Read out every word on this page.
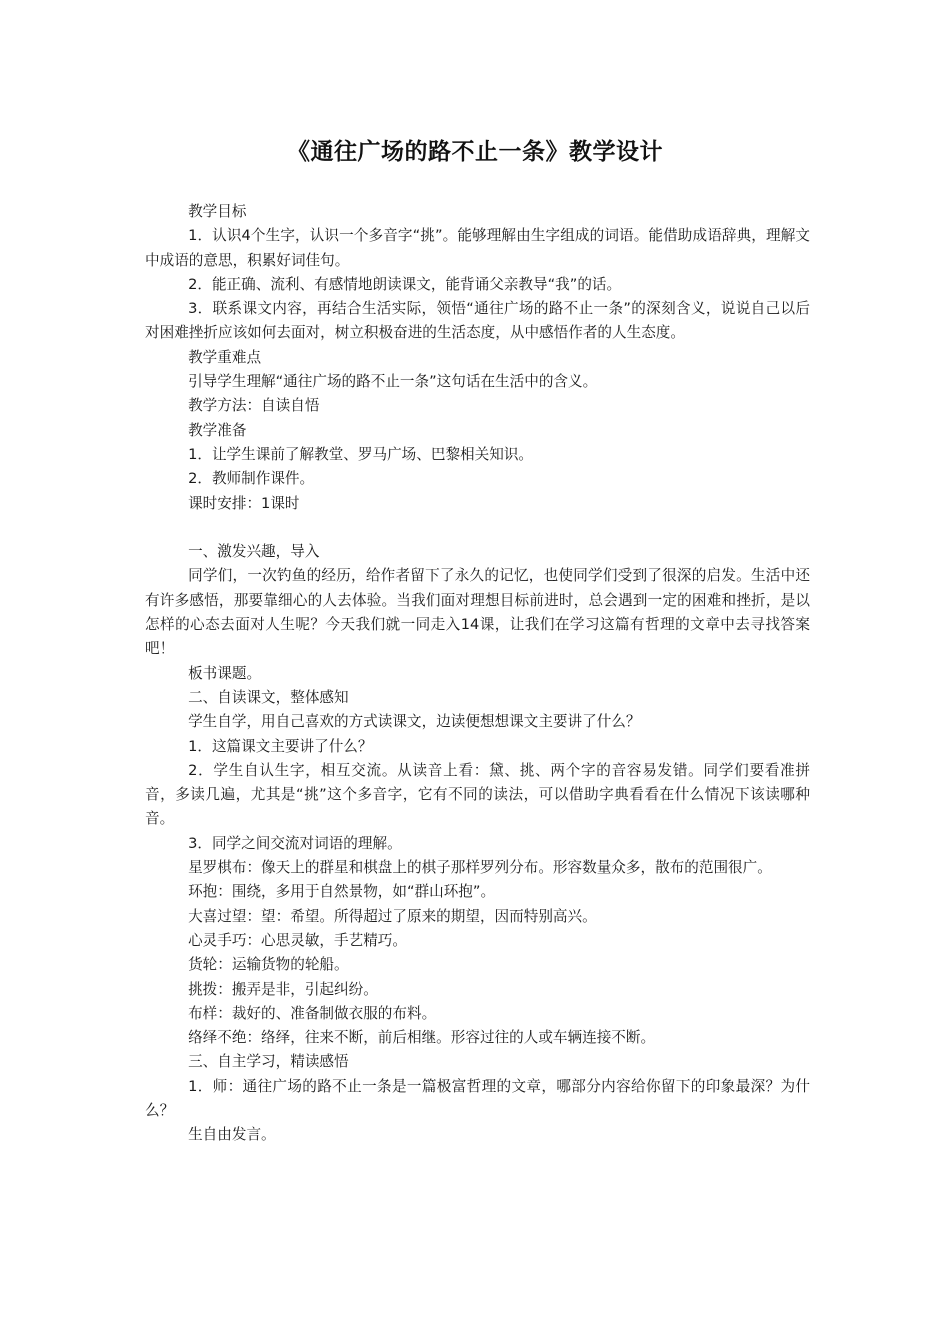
《通往广场的路不止一条》教学设计

教学目标

1．认识4个生字，认识一个多音字“挑”。能够理解由生字组成的词语。能借助成语辞典，理解文中成语的意思，积累好词佳句。

2．能正确、流利、有感情地朗读课文，能背诵父亲教导“我”的话。

3．联系课文内容，再结合生活实际，领悟“通往广场的路不止一条”的深刻含义，说说自己以后对困难挫折应该如何去面对，树立积极奋进的生活态度，从中感悟作者的人生态度。

教学重难点

引导学生理解“通往广场的路不止一条”这句话在生活中的含义。

教学方法：自读自悟

教学准备

1．让学生课前了解教堂、罗马广场、巴黎相关知识。

2．教师制作课件。

课时安排：1课时

一、激发兴趣，导入

同学们，一次钓鱼的经历，给作者留下了永久的记忆，也使同学们受到了很深的启发。生活中还有许多感悟，那要靠细心的人去体验。当我们面对理想目标前进时，总会遇到一定的困难和挫折，是以怎样的心态去面对人生呢？今天我们就一同走入14课，让我们在学习这篇有哲理的文章中去寻找答案吧！

板书课题。

二、自读课文，整体感知

学生自学，用自己喜欢的方式读课文，边读便想想课文主要讲了什么？

1．这篇课文主要讲了什么？

2．学生自认生字，相互交流。从读音上看：黛、挑、两个字的音容易发错。同学们要看准拼音，多读几遍，尤其是“挑”这个多音字，它有不同的读法，可以借助字典看看在什么情况下该读哪种音。

3．同学之间交流对词语的理解。

星罗棋布：像天上的群星和棋盘上的棋子那样罗列分布。形容数量众多，散布的范围很广。

环抱：围绕，多用于自然景物，如“群山环抱”。

大喜过望：望：希望。所得超过了原来的期望，因而特别高兴。

心灵手巧：心思灵敏，手艺精巧。

货轮：运输货物的轮船。

挑拨：搬弄是非，引起纠纷。

布样：裁好的、准备制做衣服的布料。

络绎不绝：络绎，往来不断，前后相继。形容过往的人或车辆连接不断。

三、自主学习，精读感悟

1．师：通往广场的路不止一条是一篇极富哲理的文章，哪部分内容给你留下的印象最深？为什么？

生自由发言。
